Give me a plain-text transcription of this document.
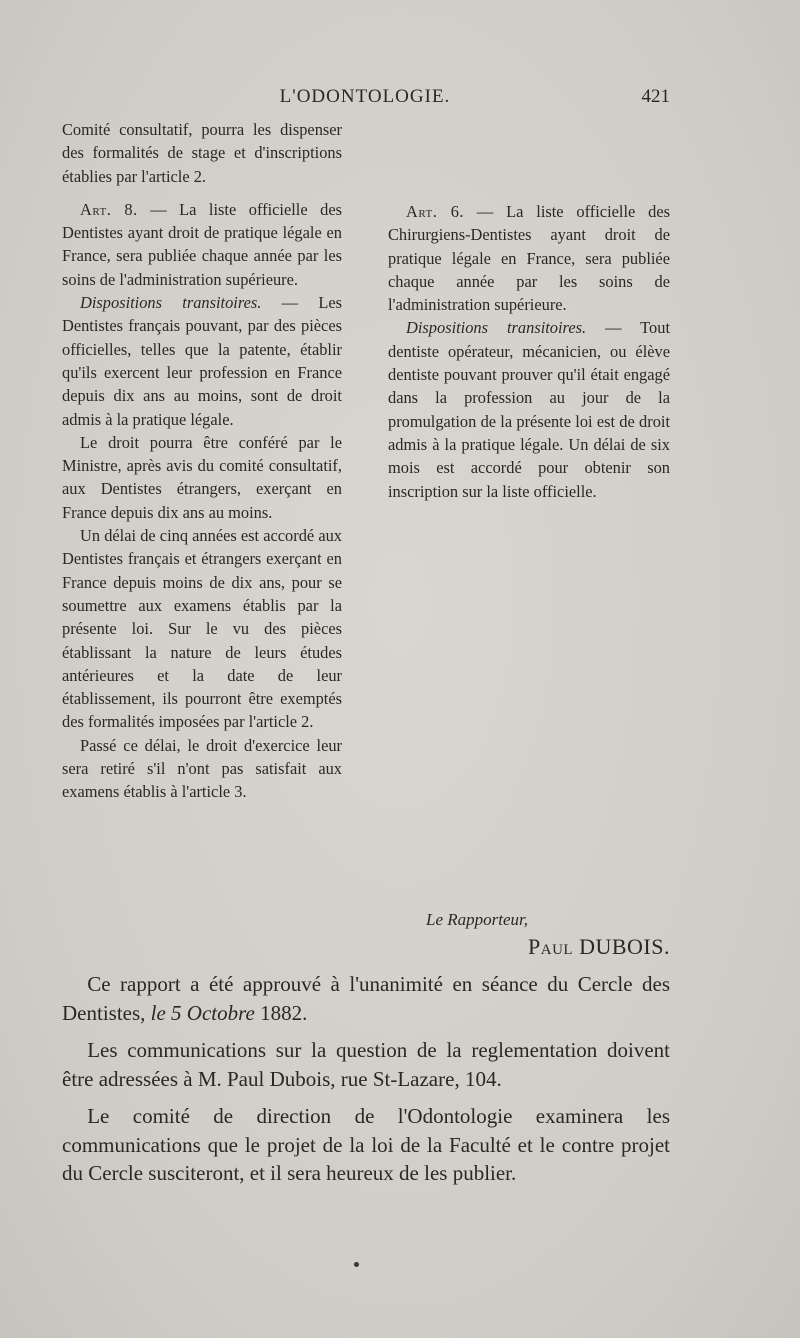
L'ODONTOLOGIE.	421

Comité consultatif, pourra les dispenser des formalités de stage et d'inscriptions établies par l'article 2.

Art. 8. — La liste officielle des Dentistes ayant droit de pratique légale en France, sera publiée chaque année par les soins de l'administration supérieure.

Dispositions transitoires. — Les Dentistes français pouvant, par des pièces officielles, telles que la patente, établir qu'ils exercent leur profession en France depuis dix ans au moins, sont de droit admis à la pratique légale.

Le droit pourra être conféré par le Ministre, après avis du comité consultatif, aux Dentistes étrangers, exerçant en France depuis dix ans au moins.

Un délai de cinq années est accordé aux Dentistes français et étrangers exerçant en France depuis moins de dix ans, pour se soumettre aux examens établis par la présente loi. Sur le vu des pièces établissant la nature de leurs études antérieures et la date de leur établissement, ils pourront être exemptés des formalités imposées par l'article 2.

Passé ce délai, le droit d'exercice leur sera retiré s'il n'ont pas satisfait aux examens établis à l'article 3.

Art. 6. — La liste officielle des Chirurgiens-Dentistes ayant droit de pratique légale en France, sera publiée chaque année par les soins de l'administration supérieure.

Dispositions transitoires. — Tout dentiste opérateur, mécanicien, ou élève dentiste pouvant prouver qu'il était engagé dans la profession au jour de la promulgation de la présente loi est de droit admis à la pratique légale. Un délai de six mois est accordé pour obtenir son inscription sur la liste officielle.

Le Rapporteur,
Paul DUBOIS.

Ce rapport a été approuvé à l'unanimité en séance du Cercle des Dentistes, le 5 Octobre 1882.

Les communications sur la question de la reglementation doivent être adressées à M. Paul Dubois, rue St-Lazare, 104.

Le comité de direction de l'Odontologie examinera les communications que le projet de la loi de la Faculté et le contre projet du Cercle susciteront, et il sera heureux de les publier.
